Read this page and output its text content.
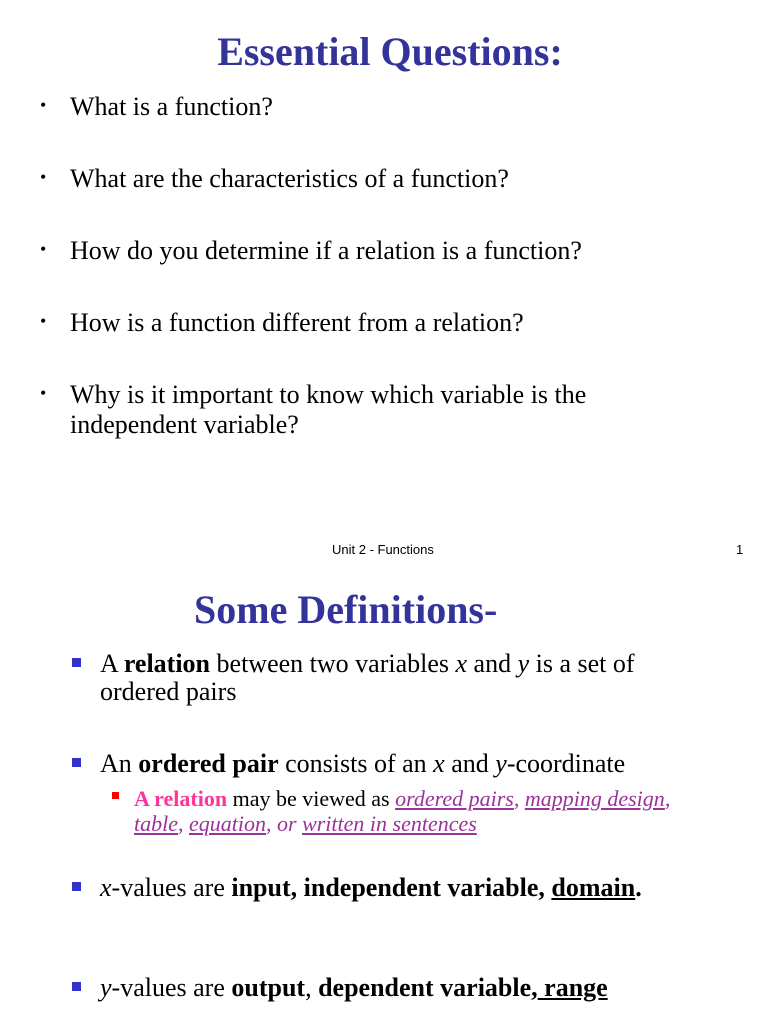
Essential Questions:
• What is a function?
• What are the characteristics of a function?
• How do you determine if a relation is a function?
• How is a function different from a relation?
• Why is it important to know which variable is the independent variable?
Unit 2 - Functions	1
Some Definitions-
A relation between two variables x and y is a set of ordered pairs
An ordered pair consists of an x and y-coordinate
A relation may be viewed as ordered pairs, mapping design, table, equation, or written in sentences
x-values are input, independent variable, domain.
y-values are output, dependent variable, range
